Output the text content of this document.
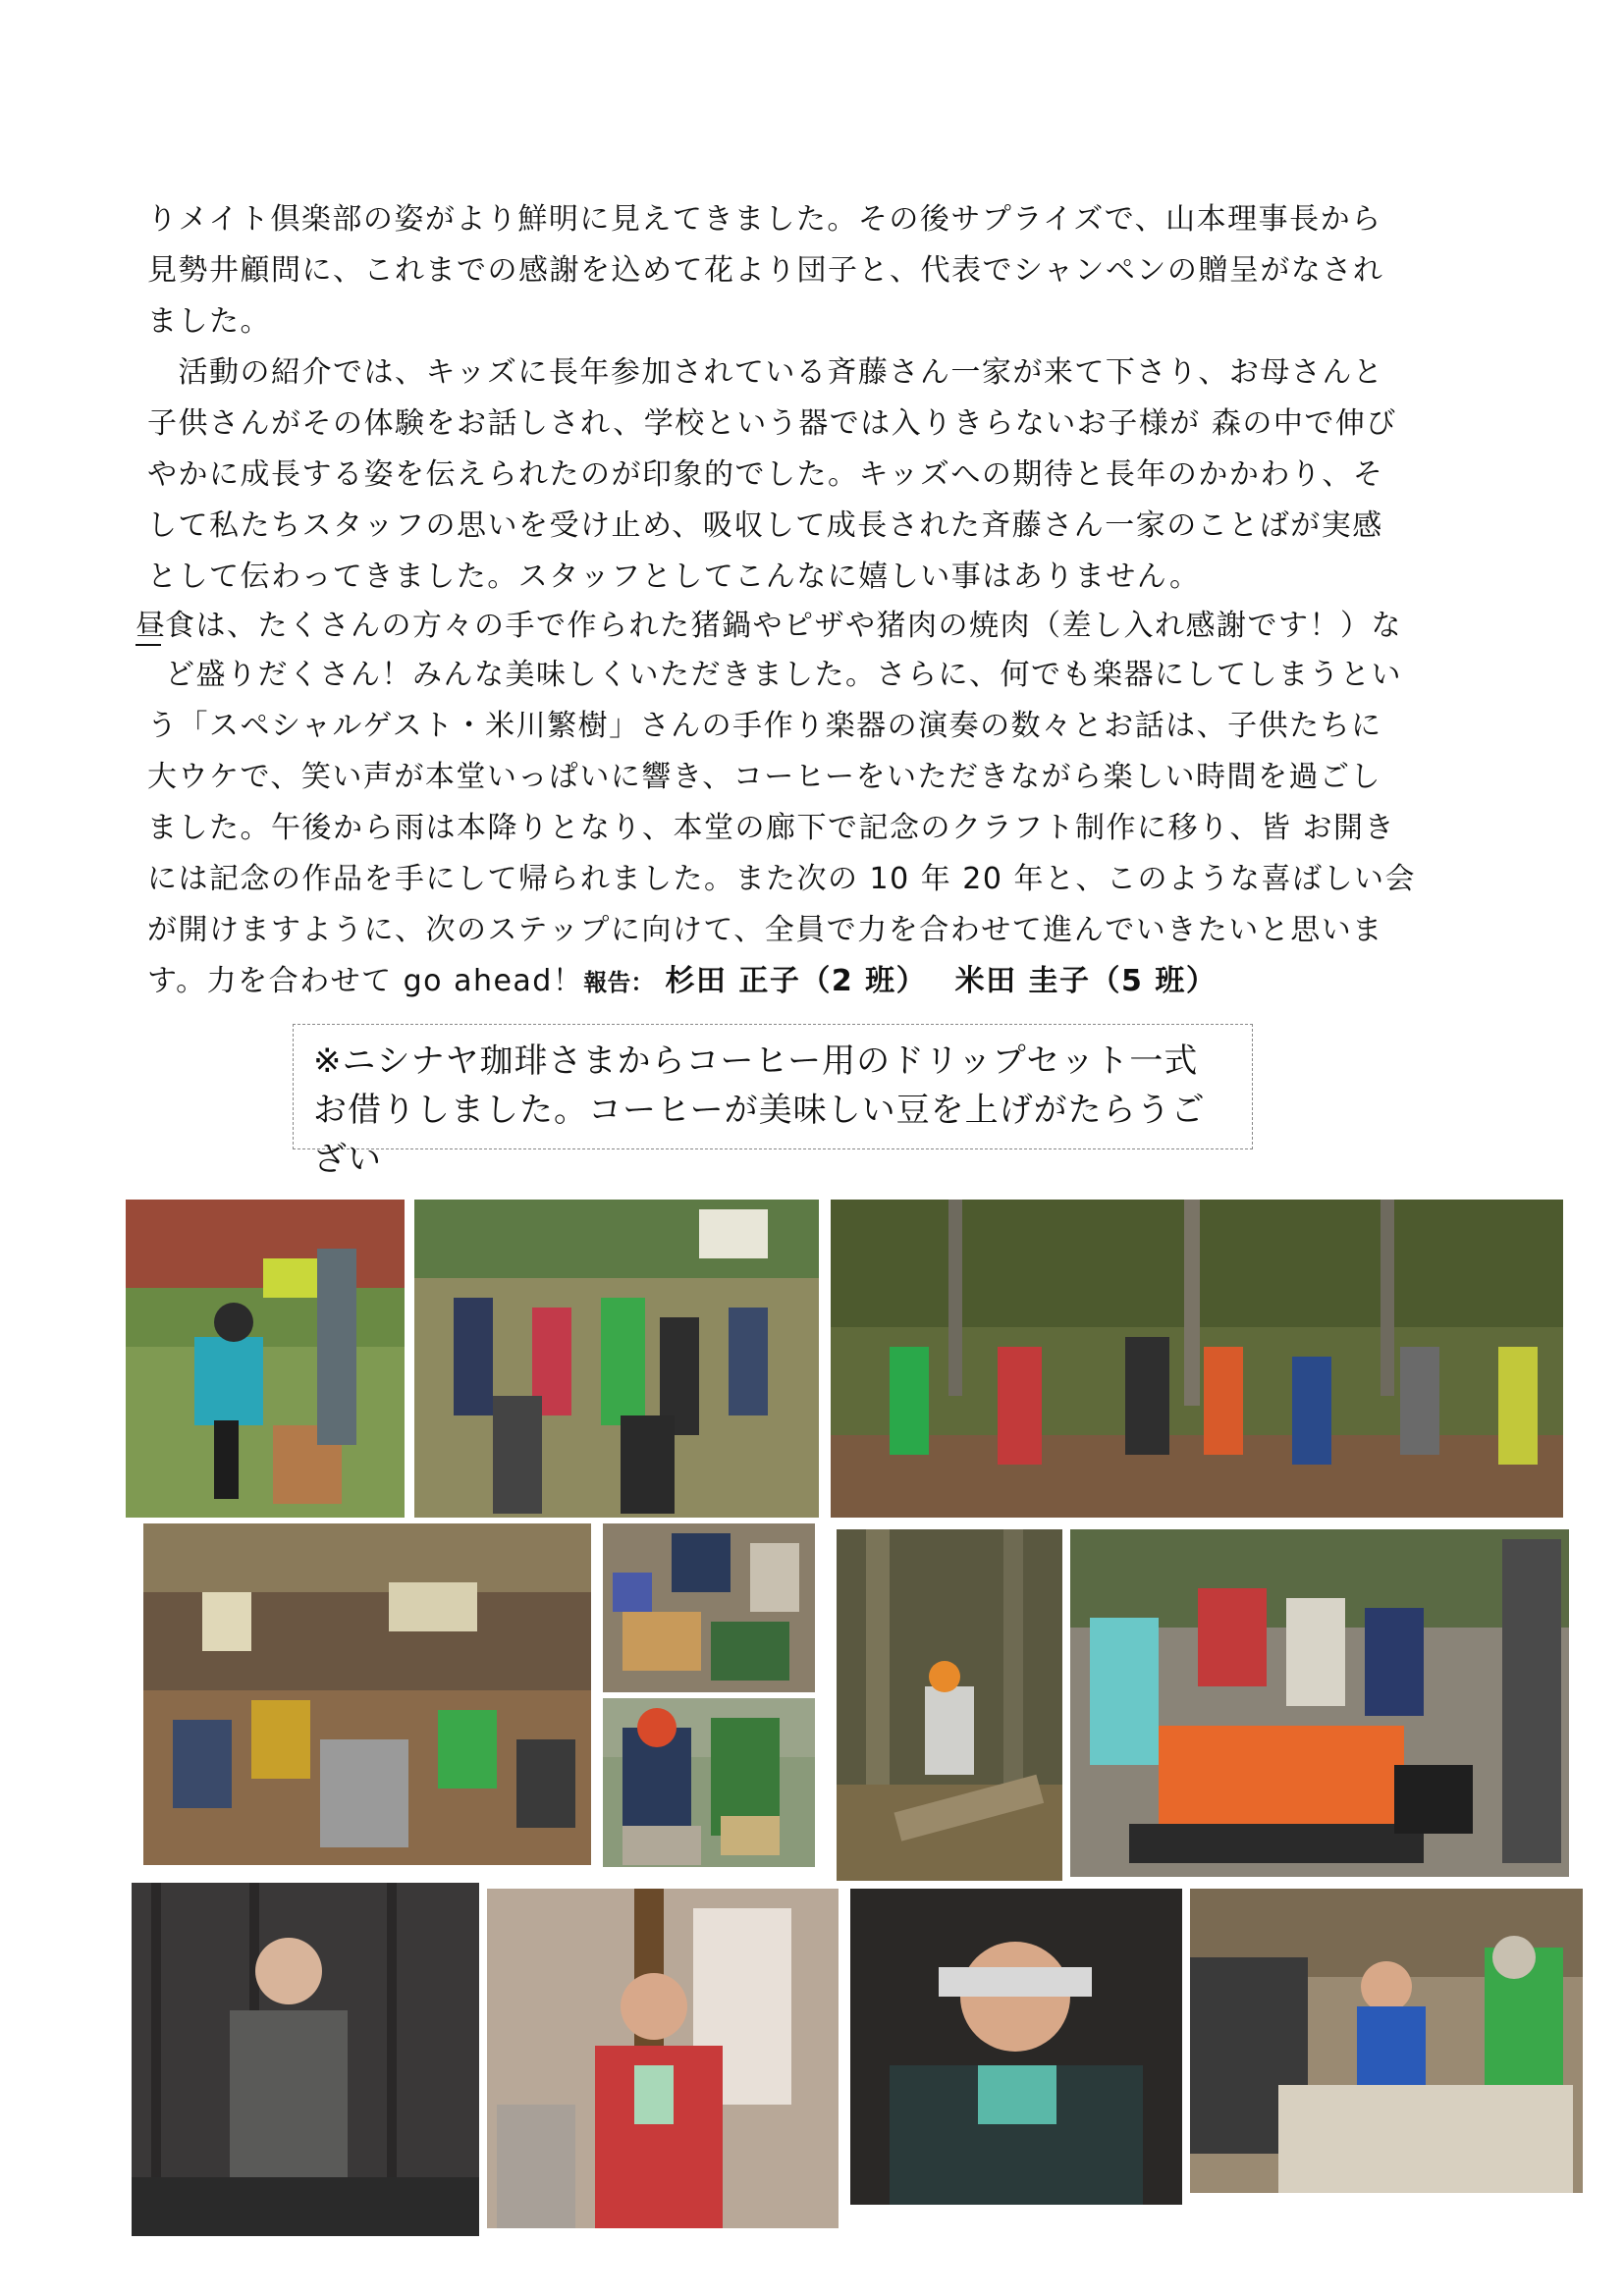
りメイト倶楽部の姿がより鮮明に見えてきました。その後サプライズで、山本理事長から
見勢井顧問に、これまでの感謝を込めて花より団子と、代表でシャンペンの贈呈がなされ
ました。
　活動の紹介では、キッズに長年参加されている斉藤さん一家が来て下さり、お母さんと
子供さんがその体験をお話しされ、学校という器では入りきらないお子様が 森の中で伸び
やかに成長する姿を伝えられたのが印象的でした。キッズへの期待と長年のかかわり、そ
して私たちスタッフの思いを受け止め、吸収して成長された斉藤さん一家のことばが実感
として伝わってきました。スタッフとしてこんなに嬉しい事はありません。
食は、たくさんの方々の手で作られた猪鍋やピザや猪肉の焼肉（差し入れ感謝です！）な
ど盛りだくさん！みんな美味しくいただきました。さらに、何でも楽器にしてしまうとい
う「スペシャルゲスト・米川繁樹」さんの手作り楽器の演奏の数々とお話は、子供たちに
大ウケで、笑い声が本堂いっぱいに響き、コーヒーをいただきながら楽しい時間を過ごし
ました。午後から雨は本降りとなり、本堂の廊下で記念のクラフト制作に移り、皆 お開き
には記念の作品を手にして帰られました。また次の 10 年 20 年と、このような喜ばしい会
が開けますように、次のステップに向けて、全員で力を合わせて進んでいきたいと思いま
す。力を合わせて go ahead！報告： 杉田 正子（2 班）　 米田 圭子（5 班）
昼
※ニシナヤ珈琲さまからコーヒー用のドリップセット一式
お借りしました。コーヒーが美味しい豆を上げがたらうござい
